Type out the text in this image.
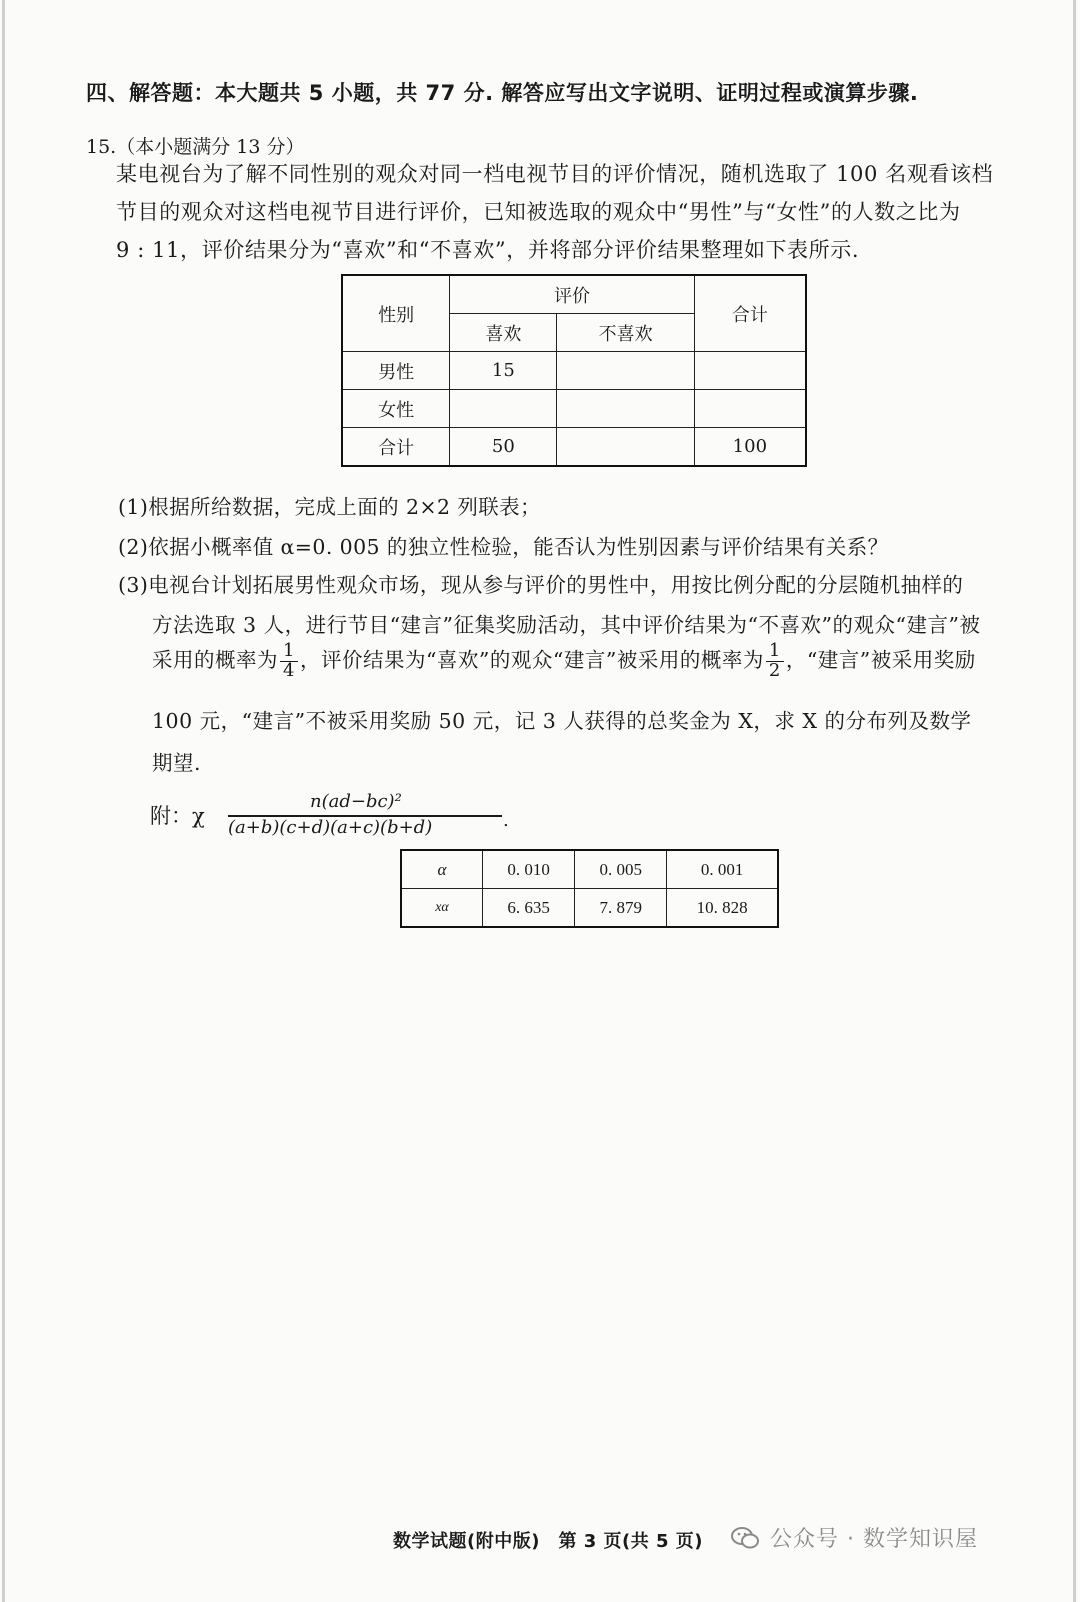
四、解答题：本大题共 5 小题，共 77 分. 解答应写出文字说明、证明过程或演算步骤.
15.（本小题满分 13 分）
某电视台为了解不同性别的观众对同一档电视节目的评价情况，随机选取了 100 名观看该档
节目的观众对这档电视节目进行评价，已知被选取的观众中“男性”与“女性”的人数之比为
9 : 11，评价结果分为“喜欢”和“不喜欢”，并将部分评价结果整理如下表所示.
性别	评价		合计
	喜欢	不喜欢	
男性	15		
女性			
合计	50		100
(1)根据所给数据，完成上面的 2×2 列联表；
(2)依据小概率值 α=0. 005 的独立性检验，能否认为性别因素与评价结果有关系？
(3)电视台计划拓展男性观众市场，现从参与评价的男性中，用按比例分配的分层随机抽样的
方法选取 3 人，进行节目“建言”征集奖励活动，其中评价结果为“不喜欢”的观众“建言”被
采用的概率为 $\frac{1}{4}$ ，评价结果为“喜欢”的观众“建言”被采用的概率为 $\frac{1}{2}$ ，“建言”被采用奖励
100 元，“建言”不被采用奖励 50 元，记 3 人获得的总奖金为 X，求 X 的分布列及数学
期望.
附：χ
n(ad−bc)²
(a+b)(c+d)(a+c)(b+d)	.
α	0. 010	0. 005	0. 001
xα	6. 635	7. 879	10. 828
数学试题(附中版)　第 3 页(共 5 页)	公众号 · 数学知识屋
